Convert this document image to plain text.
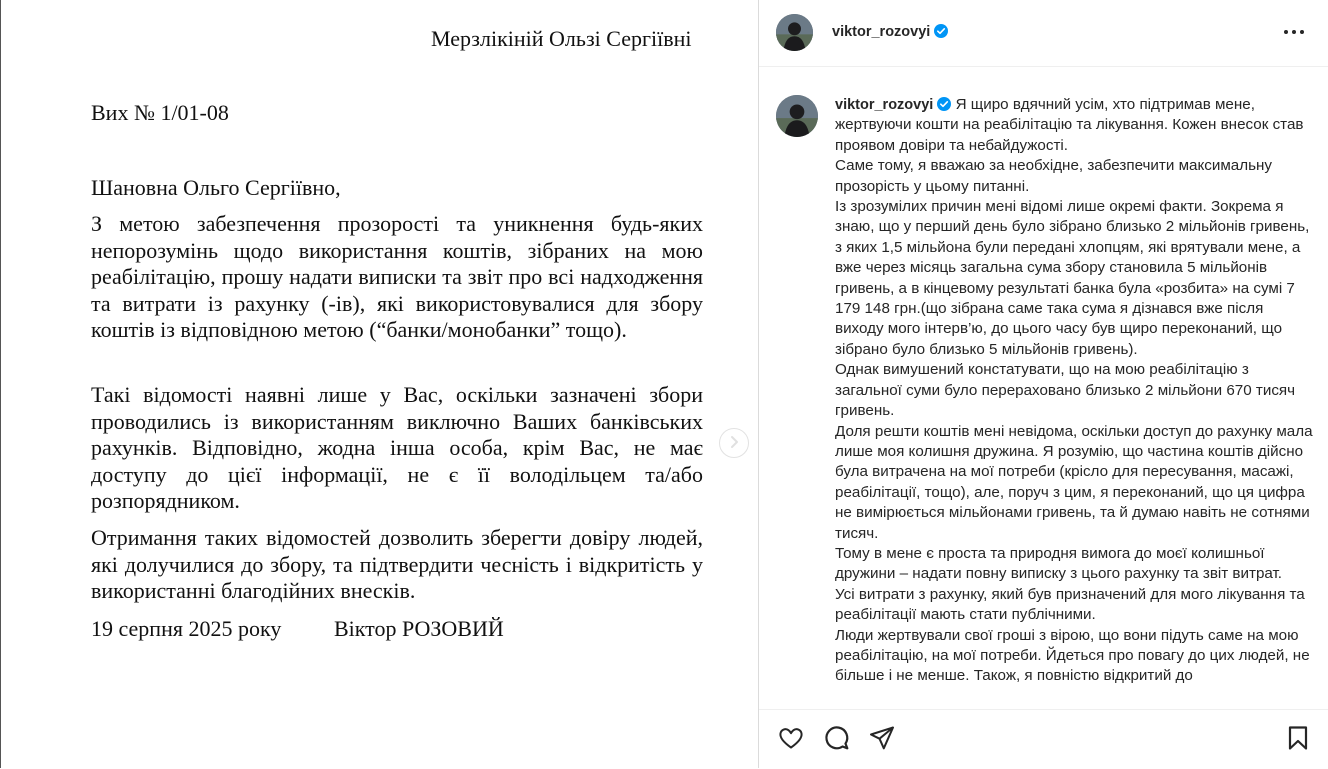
Мерзлікіній Ользі Сергіївні
Вих № 1/01-08
Шановна Ольго Сергіївно,

З метою забезпечення прозорості та уникнення будь-яких непорозумінь щодо використання коштів, зібраних на мою реабілітацію, прошу надати виписки та звіт про всі надходження та витрати із рахунку (-ів), які використовувалися для збору коштів із відповідною метою (“банки/монобанки” тощо).

Такі відомості наявні лише у Вас, оскільки зазначені збори проводились із використанням виключно Ваших банківських рахунків. Відповідно, жодна інша особа, крім Вас, не має доступу до цієї інформації, не є її володільцем та/або розпорядником.

Отримання таких відомостей дозволить зберегти довіру людей, які долучилися до збору, та підтвердити чесність і відкритість у використанні благодійних внесків.

19 серпня 2025 року Віктор РОЗОВИЙ
viktor_rozovyi

viktor_rozovyi Я щиро вдячний усім, хто підтримав мене, жертвуючи кошти на реабілітацію та лікування. Кожен внесок став проявом довіри та небайдужості.

Саме тому, я вважаю за необхідне, забезпечити максимальну прозорість у цьому питанні.

Із зрозумілих причин мені відомі лише окремі факти. Зокрема я знаю, що у перший день було зібрано близько 2 мільйонів гривень, з яких 1,5 мільйона були передані хлопцям, які врятували мене, а вже через місяць загальна сума збору становила 5 мільйонів гривень, а в кінцевому результаті банка була «розбита» на сумі 7 179 148 грн.(що зібрана саме така сума я дізнався вже після виходу мого інтерв’ю, до цього часу був щиро переконаний, що зібрано було близько 5 мільйонів гривень).

Однак вимушений констатувати, що на мою реабілітацію з загальної суми було перераховано близько 2 мільйони 670 тисяч гривень.

Доля решти коштів мені невідома, оскільки доступ до рахунку мала лише моя колишня дружина. Я розумію, що частина коштів дійсно була витрачена на мої потреби (крісло для пересування, масажі, реабілітації, тощо), але, поруч з цим, я переконаний, що ця цифра не вимірюється мільйонами гривень, та й думаю навіть не сотнями тисяч.

Тому в мене є проста та природня вимога до моєї колишньої дружини – надати повну виписку з цього рахунку та звіт витрат.

Усі витрати з рахунку, який був призначений для мого лікування та реабілітації мають стати публічними.

Люди жертвували свої гроші з вірою, що вони підуть саме на мою реабілітацію, на мої потреби. Йдеться про повагу до цих людей, не більше і не менше. Також, я повністю відкритий до
